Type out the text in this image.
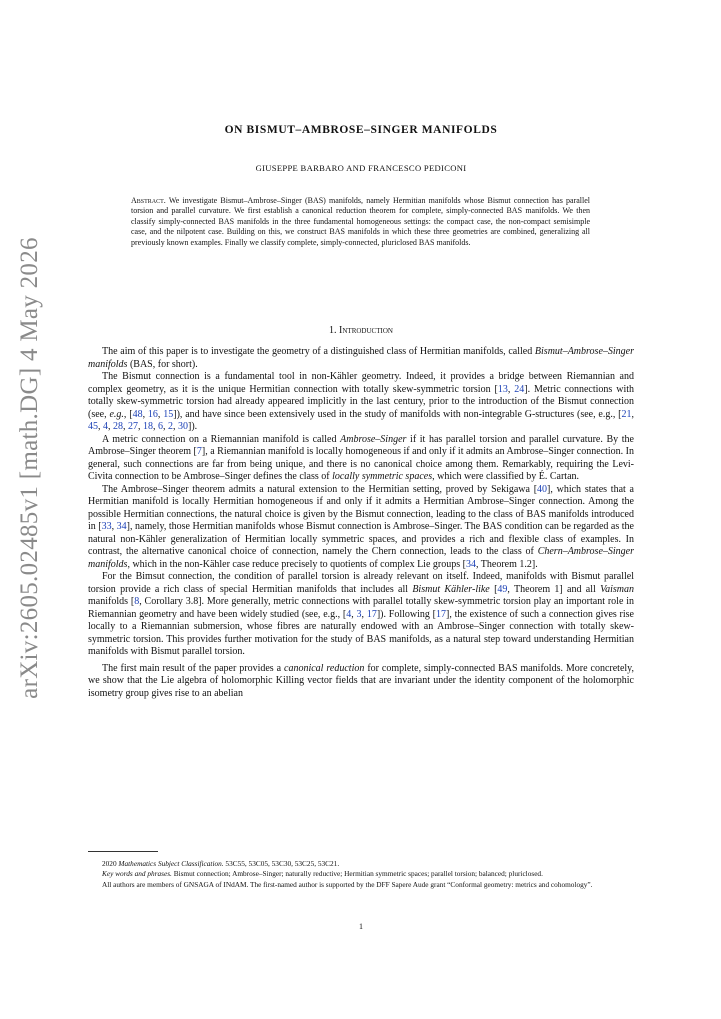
arXiv:2605.02485v1 [math.DG] 4 May 2026
ON BISMUT–AMBROSE–SINGER MANIFOLDS
GIUSEPPE BARBARO AND FRANCESCO PEDICONI
Abstract. We investigate Bismut–Ambrose–Singer (BAS) manifolds, namely Hermitian manifolds whose Bismut connection has parallel torsion and parallel curvature. We first establish a canonical reduction theorem for complete, simply-connected BAS manifolds. We then classify simply-connected BAS manifolds in the three fundamental homogeneous settings: the compact case, the non-compact semisimple case, and the nilpotent case. Building on this, we construct BAS manifolds in which these three geometries are combined, generalizing all previously known examples. Finally we classify complete, simply-connected, pluriclosed BAS manifolds.
1. Introduction

The aim of this paper is to investigate the geometry of a distinguished class of Hermitian manifolds, called Bismut–Ambrose–Singer manifolds (BAS, for short).

The Bismut connection is a fundamental tool in non-Kähler geometry. Indeed, it provides a bridge between Riemannian and complex geometry, as it is the unique Hermitian connection with totally skew-symmetric torsion [13, 24]. Metric connections with totally skew-symmetric torsion had already appeared implicitly in the last century, prior to the introduction of the Bismut connection (see, e.g., [48, 16, 15]), and have since been extensively used in the study of manifolds with non-integrable G-structures (see, e.g., [21, 45, 4, 28, 27, 18, 6, 2, 30]).

A metric connection on a Riemannian manifold is called Ambrose–Singer if it has parallel torsion and parallel curvature. By the Ambrose–Singer theorem [7], a Riemannian manifold is locally homogeneous if and only if it admits an Ambrose–Singer connection. In general, such connections are far from being unique, and there is no canonical choice among them. Remarkably, requiring the Levi-Civita connection to be Ambrose–Singer defines the class of locally symmetric spaces, which were classified by É. Cartan.

The Ambrose–Singer theorem admits a natural extension to the Hermitian setting, proved by Sekigawa [40], which states that a Hermitian manifold is locally Hermitian homogeneous if and only if it admits a Hermitian Ambrose–Singer connection. Among the possible Hermitian connections, the natural choice is given by the Bismut connection, leading to the class of BAS manifolds introduced in [33, 34], namely, those Hermitian manifolds whose Bismut connection is Ambrose–Singer. The BAS condition can be regarded as the natural non-Kähler generalization of Hermitian locally symmetric spaces, and provides a rich and flexible class of examples. In contrast, the alternative canonical choice of connection, namely the Chern connection, leads to the class of Chern–Ambrose–Singer manifolds, which in the non-Kähler case reduce precisely to quotients of complex Lie groups [34, Theorem 1.2].

For the Bimsut connection, the condition of parallel torsion is already relevant on itself. Indeed, manifolds with Bismut parallel torsion provide a rich class of special Hermitian manifolds that includes all Bismut Kähler-like [49, Theorem 1] and all Vaisman manifolds [8, Corollary 3.8]. More generally, metric connections with parallel totally skew-symmetric torsion play an important role in Riemannian geometry and have been widely studied (see, e.g., [4, 3, 17]). Following [17], the existence of such a connection gives rise locally to a Riemannian submersion, whose fibres are naturally endowed with an Ambrose–Singer connection with totally skew-symmetric torsion. This provides further motivation for the study of BAS manifolds, as a natural step toward understanding Hermitian manifolds with Bismut parallel torsion.

The first main result of the paper provides a canonical reduction for complete, simply-connected BAS manifolds. More concretely, we show that the Lie algebra of holomorphic Killing vector fields that are invariant under the identity component of the holomorphic isometry group gives rise to an abelian

2020 Mathematics Subject Classification. 53C55, 53C05, 53C30, 53C25, 53C21.

Key words and phrases. Bismut connection; Ambrose–Singer; naturally reductive; Hermitian symmetric spaces; parallel torsion; balanced; pluriclosed.

All authors are members of GNSAGA of INdAM. The first-named author is supported by the DFF Sapere Aude grant “Conformal geometry: metrics and cohomology”.

1
